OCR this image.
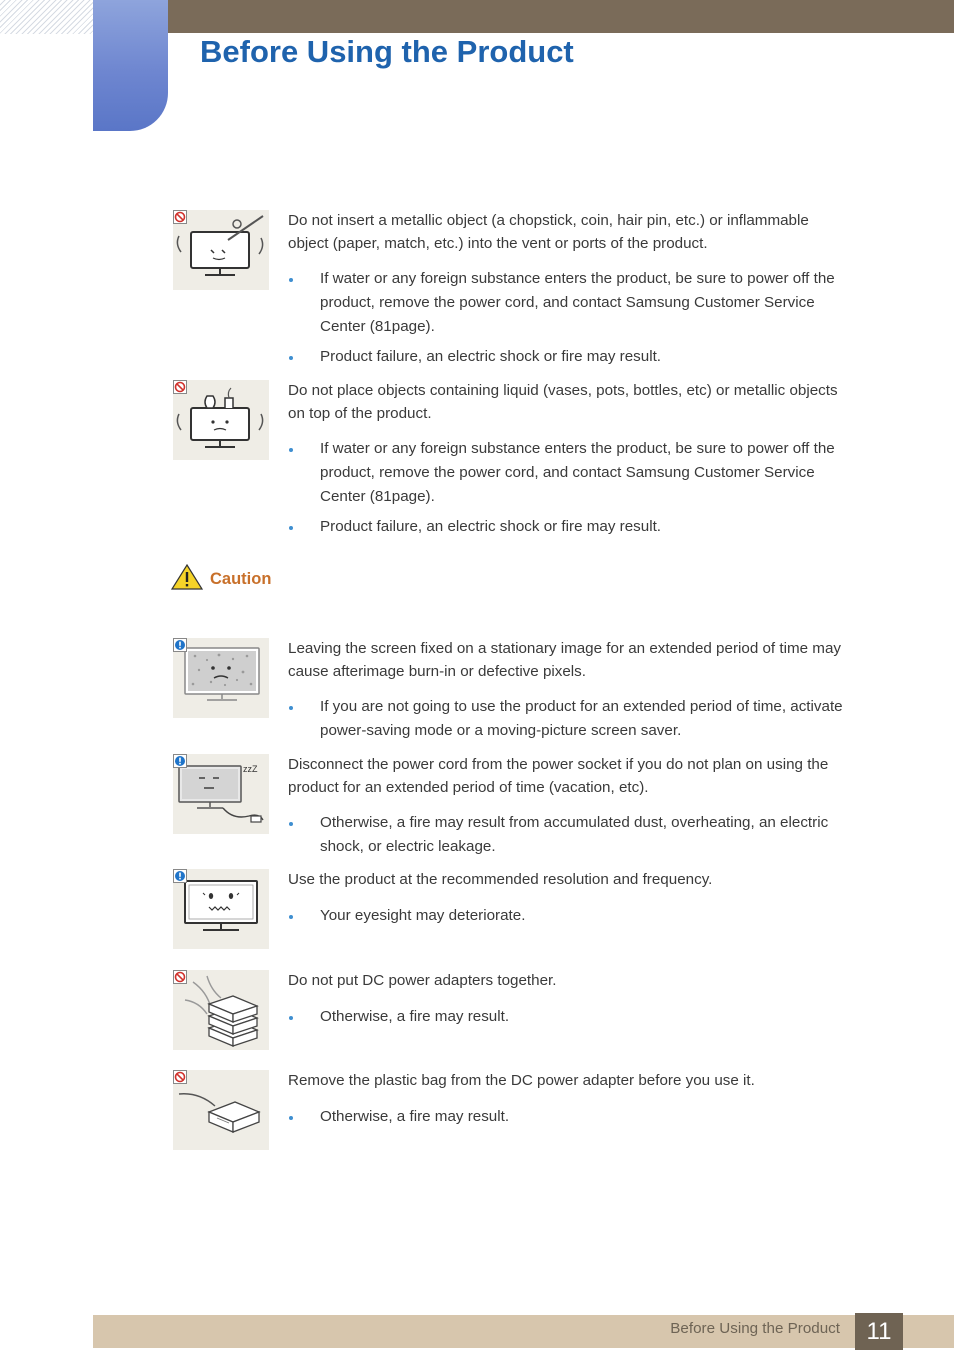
Before Using the Product

Do not insert a metallic object (a chopstick, coin, hair pin, etc.) or inflammable object (paper, match, etc.) into the vent or ports of the product.

If water or any foreign substance enters the product, be sure to power off the product, remove the power cord, and contact Samsung Customer Service Center (81page).
Product failure, an electric shock or fire may result.

Do not place objects containing liquid (vases, pots, bottles, etc) or metallic objects on top of the product.

If water or any foreign substance enters the product, be sure to power off the product, remove the power cord, and contact Samsung Customer Service Center (81page).
Product failure, an electric shock or fire may result.
Caution

Leaving the screen fixed on a stationary image for an extended period of time may cause afterimage burn-in or defective pixels.

If you are not going to use the product for an extended period of time, activate power-saving mode or a moving-picture screen saver.
zzZ Disconnect the power cord from the power socket if you do not plan on using the product for an extended period of time (vacation, etc).

Otherwise, a fire may result from accumulated dust, overheating, an electric shock, or electric leakage.

Use the product at the recommended resolution and frequency.

Your eyesight may deteriorate.

Do not put DC power adapters together.

Otherwise, a fire may result.

Remove the plastic bag from the DC power adapter before you use it.

Otherwise, a fire may result.
Before Using the Product	11
